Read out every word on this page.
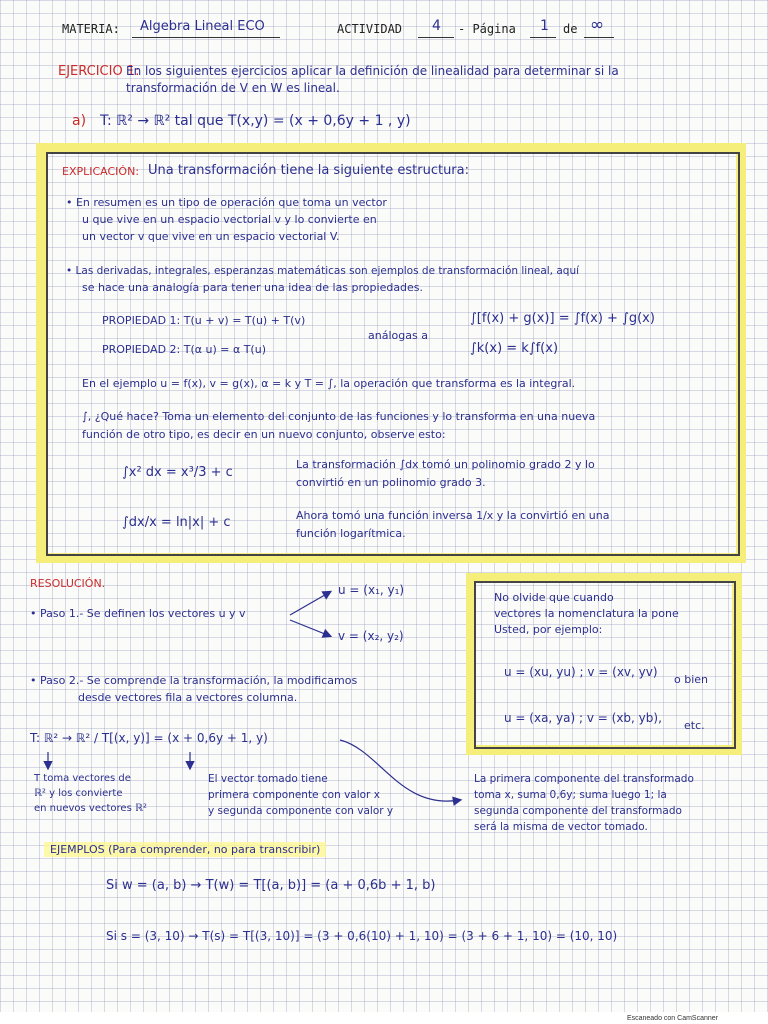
MATERIA: Algebra Lineal ECO	ACTIVIDAD 4 - Página 1 de ∞
EJERCICIO 1:
En los siguientes ejercicios aplicar la definición de linealidad para determinar si la
transformación de V en W es lineal.
a) T: ℝ² → ℝ² tal que T(x,y) = (x + 0,6y + 1 , y)
EXPLICACIÓN: Una transformación tiene la siguiente estructura:
• En resumen es un tipo de operación que toma un vector
u que vive en un espacio vectorial v y lo convierte en
un vector v que vive en un espacio vectorial V.
• Las derivadas, integrales, esperanzas matemáticas son ejemplos de transformación lineal, aquí
se hace una analogía para tener una idea de las propiedades.
PROPIEDAD 1: T(u + v) = T(u) + T(v)
PROPIEDAD 2: T(α u) = α T(u)
análogas a
∫[f(x) + g(x)] = ∫f(x) + ∫g(x)
∫k(x) = k∫f(x)
En el ejemplo u = f(x), v = g(x), α = k y T = ∫, la operación que transforma es la integral.
∫, ¿Qué hace? Toma un elemento del conjunto de las funciones y lo transforma en una nueva
función de otro tipo, es decir en un nuevo conjunto, observe esto:
∫x² dx = x³/3 + c
La transformación ∫dx tomó un polinomio grado 2 y lo
convirtió en un polinomio grado 3.
∫dx/x = ln|x| + c	Ahora tomó una función inversa 1/x y la convirtió en una
función logarítmica.
RESOLUCIÓN.
• Paso 1.- Se definen los vectores u y v
u = (x₁, y₁)
v = (x₂, y₂)
• Paso 2.- Se comprende la transformación, la modificamos
desde vectores fila a vectores columna.
T: ℝ² → ℝ² / T[(x, y)] = (x + 0,6y + 1, y)
T toma vectores de
ℝ² y los convierte
en nuevos vectores ℝ²
El vector tomado tiene
primera componente con valor x
y segunda componente con valor y
La primera componente del transformado
toma x, suma 0,6y; suma luego 1; la
segunda componente del transformado
será la misma de vector tomado.
No olvide que cuando
vectores la nomenclatura la pone
Usted, por ejemplo:
u = (xu, yu) ; v = (xv, yv)
o bien
u = (xa, ya) ; v = (xb, yb),
etc.
EJEMPLOS (Para comprender, no para transcribir)
Si w = (a, b) → T(w) = T[(a, b)] = (a + 0,6b + 1, b)
Si s = (3, 10) → T(s) = T[(3, 10)] = (3 + 0,6(10) + 1, 10) = (3 + 6 + 1, 10) = (10, 10)
Escaneado con CamScanner
